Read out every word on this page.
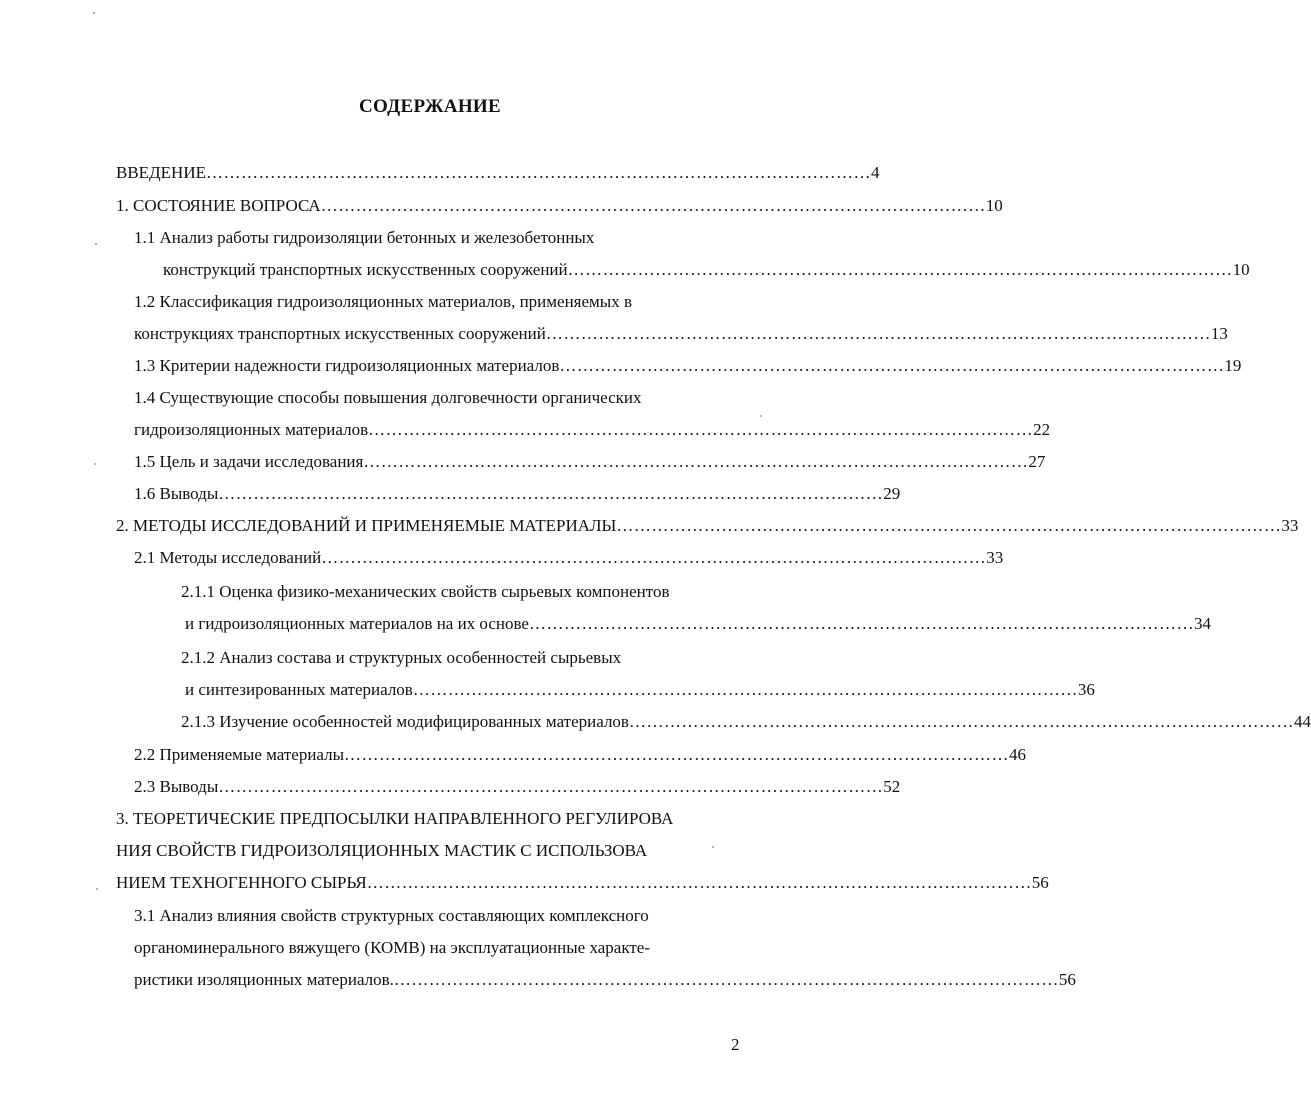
СОДЕРЖАНИЕ
ВВЕДЕНИЕ …………………………………………………………………………………………………… 4
1. СОСТОЯНИЕ ВОПРОСА …………………………………………………………………………………………………… 10
1.1 Анализ работы гидроизоляции бетонных и железобетонных
конструкций транспортных искусственных сооружений …………………………………………………………………………………………………… 10
1.2 Классификация гидроизоляционных материалов, применяемых в
конструкциях транспортных искусственных сооружений …………………………………………………………………………………………………… 13
1.3 Критерии надежности гидроизоляционных материалов …………………………………………………………………………………………………… 19
1.4 Существующие способы повышения долговечности органических
гидроизоляционных материалов …………………………………………………………………………………………………… 22
1.5 Цель и задачи исследования …………………………………………………………………………………………………… 27
1.6 Выводы …………………………………………………………………………………………………… 29
2. МЕТОДЫ ИССЛЕДОВАНИЙ И ПРИМЕНЯЕМЫЕ МАТЕРИАЛЫ …………………………………………………………………………………………………… 33
2.1 Методы исследований …………………………………………………………………………………………………… 33
2.1.1 Оценка физико-механических свойств сырьевых компонентов
и гидроизоляционных материалов на их основе …………………………………………………………………………………………………… 34
2.1.2 Анализ состава и структурных особенностей сырьевых
и синтезированных материалов …………………………………………………………………………………………………… 36
2.1.3 Изучение особенностей модифицированных материалов …………………………………………………………………………………………………… 44
2.2 Применяемые материалы …………………………………………………………………………………………………… 46
2.3 Выводы …………………………………………………………………………………………………… 52
3. ТЕОРЕТИЧЕСКИЕ ПРЕДПОСЫЛКИ НАПРАВЛЕННОГО РЕГУЛИРОВА
НИЯ СВОЙСТВ ГИДРОИЗОЛЯЦИОННЫХ МАСТИК С ИСПОЛЬЗОВА
НИЕМ ТЕХНОГЕННОГО СЫРЬЯ …………………………………………………………………………………………………… 56
3.1 Анализ влияния свойств структурных составляющих комплексного
органоминерального вяжущего (КОМВ) на эксплуатационные характе-
ристики изоляционных материалов. …………………………………………………………………………………………………… 56
2
